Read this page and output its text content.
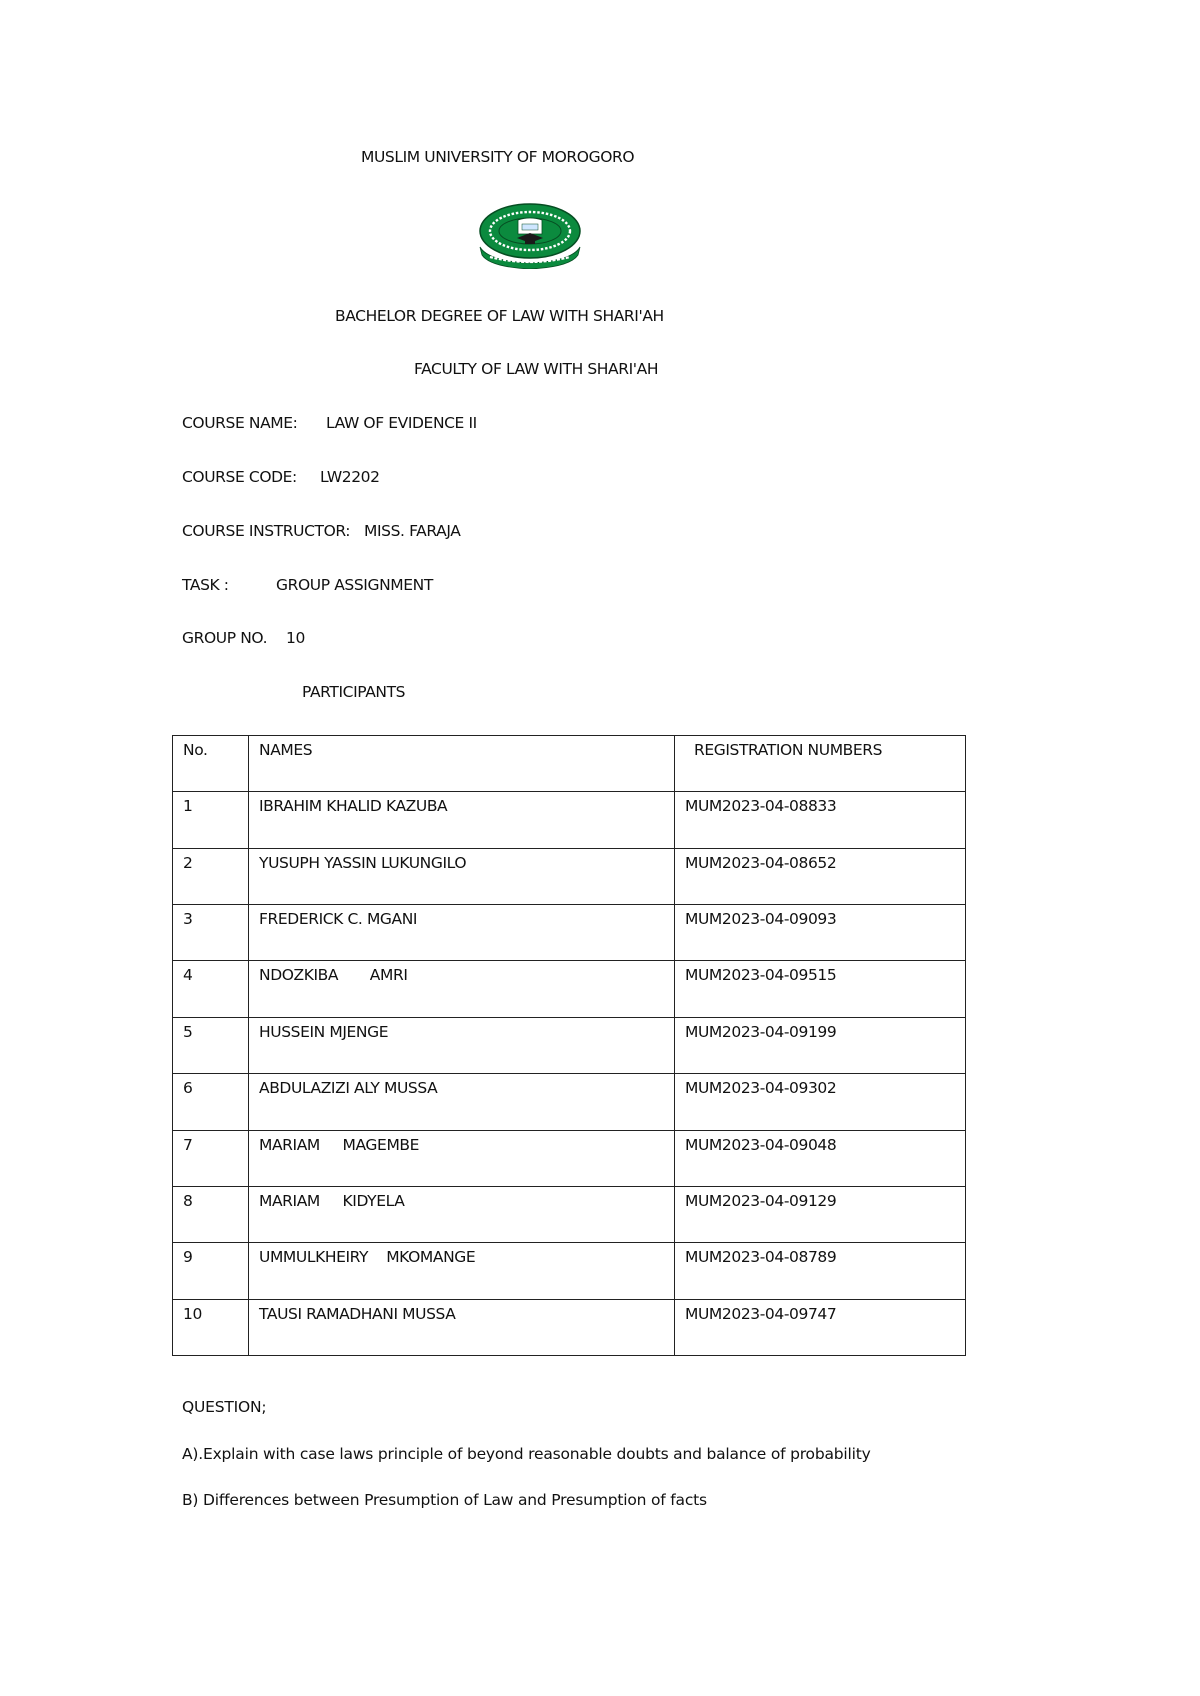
MUSLIM UNIVERSITY OF MOROGORO
BACHELOR DEGREE OF LAW WITH SHARI'AH
FACULTY OF LAW WITH SHARI'AH
COURSE NAME: LAW OF EVIDENCE II
COURSE CODE: LW2202
COURSE INSTRUCTOR: MISS. FARAJA
TASK :	GROUP ASSIGNMENT
GROUP NO. 10
PARTICIPANTS
No.	NAMES	REGISTRATION NUMBERS
1	IBRAHIM KHALID KAZUBA	MUM2023-04-08833
2	YUSUPH YASSIN LUKUNGILO	MUM2023-04-08652
3	FREDERICK C. MGANI	MUM2023-04-09093
4	NDOZKIBA       AMRI	MUM2023-04-09515
5	HUSSEIN MJENGE	MUM2023-04-09199
6	ABDULAZIZI ALY MUSSA	MUM2023-04-09302
7	MARIAM     MAGEMBE	MUM2023-04-09048
8	MARIAM     KIDYELA	MUM2023-04-09129
9	UMMULKHEIRY    MKOMANGE	MUM2023-04-08789
10	TAUSI RAMADHANI MUSSA	MUM2023-04-09747
QUESTION;
A).Explain with case laws principle of beyond reasonable doubts and balance of probability
B) Differences between Presumption of Law and Presumption of facts
